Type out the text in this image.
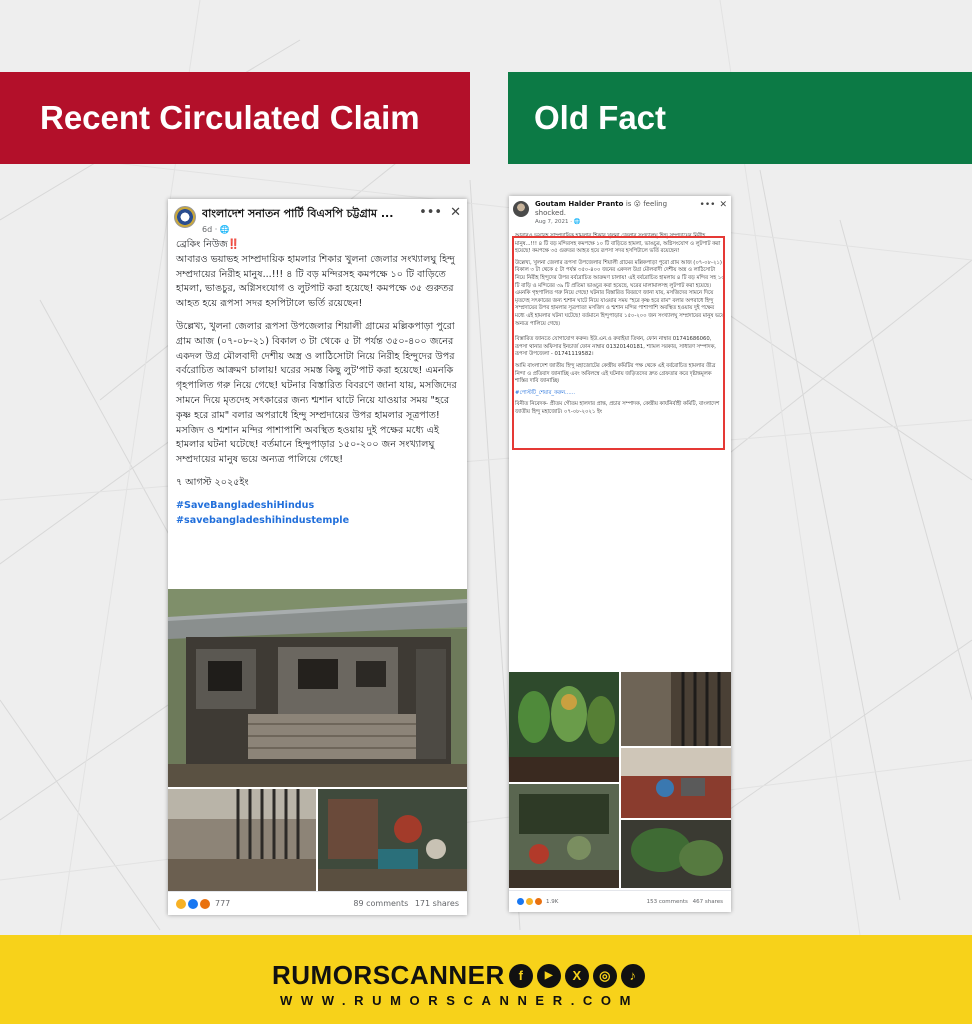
Recent Circulated Claim	Old Fact
বাংলাদেশ সনাতন পার্টি বিএসপি চট্টগ্রাম ...
6d · 🌐
••• ✕
ব্রেকিং নিউজ‼️

আবারও ভয়াভহ সাম্প্রদায়িক হামলার শিকার খুলনা জেলার সংখ্যালঘু হিন্দু সম্প্রদায়ের নিরীহ মানুষ...!!! ৪ টি বড় মন্দিরসহ কমপক্ষে ১০ টি বাড়িতে হামলা, ভাঙচুর, অগ্নিসংযোগ ও লুটপাট করা হয়েছে! কমপক্ষে ৩৫ গুরুতর আহত হয়ে রূপসা সদর হসপিটালে ভর্তি রয়েছেন!

উল্লেখ্য, খুলনা জেলার রূপসা উপজেলার শিয়ালী গ্রামের মল্লিকপাড়া পুরো গ্রাম আজ (০৭-০৮-২১) বিকাল ৩ টা থেকে ৫ টা পর্যন্ত ৩৫০-৪০০ জনের একদল উগ্র মৌলবাদী দেশীয় অস্ত্র ও লাঠিসোটা নিয়ে নিরীহ হিন্দুদের উপর বর্বরোচিত আক্রমণ চালায়! ঘরের সমস্ত কিছু লুট'পাট করা হয়েছে! এমনকি গৃহপালিত গরু নিয়ে গেছে! ঘটনার বিস্তারিত বিবরণে জানা যায়, মসজিদের সামনে দিয়ে মৃতদেহ সৎকারের জন্য শ্মশান ঘাটে নিয়ে যাওয়ার সময় "হরে কৃষ্ণ হরে রাম" বলার অপরাধে হিন্দু সম্প্রদায়ের উপর হামলার সূত্রপাত! মসজিদ ও শ্মশান মন্দির পাশাপাশি অবস্থিত হওয়ায় দুই পক্ষের মধ্যে এই হামলার ঘটনা ঘটেছে! বর্তমানে হিন্দুপাড়ার ১৫০-২০০ জন সংখ্যালঘু সম্প্রদায়ের মানুষ ভয়ে অন্যত্র পালিয়ে গেছে!

৭ আগস্ট ২০২৫ইং

#SaveBangladeshiHindus
#savebangladeshihindustemple
777	89 comments 171 shares
Goutam Halder Pranto is 😮 feeling shocked.
Aug 7, 2021 · 🌐
••• ✕

আবারও ভয়াবহ সাম্প্রদায়িক হামলার শিকার খুলনা জেলার সংখ্যালঘু হিন্দু সম্প্রদায়ের নিরীহ মানুষ...!!! ৪ টি বড় মন্দিরসহ কমপক্ষে ১০ টি বাড়িতে হামলা, ভাঙচুর, অগ্নিসংযোগ ও লুটপাট করা হয়েছে! কমপক্ষে ৩৫ গুরুতর আহত হয়ে রূপসা সদর হসপিটালে ভর্তি রয়েছেন!

উল্লেখ্য, খুলনা জেলার রূপসা উপজেলার শিয়ালী গ্রামের মল্লিকপাড়া পুরো গ্রাম আজ (০৭-০৮-২১) বিকাল ৩ টা থেকে ৫ টা পর্যন্ত ৩৫০-৪০০ জনের একদল উগ্র মৌলবাদী দেশীয় অস্ত্র ও লাঠিসোটা নিয়ে নিরীহ হিন্দুদের উপর বর্বরোচিত আক্রমণ চালায়! এই বর্বরোচিত হামলায় ৪ টি বড় মন্দির সহ ১০ টি বাড়ি ও মন্দিরের ৩৯ টি প্রতিমা ভাঙচুর করা হয়েছে, ঘরের মালামালসহ লুটপাট করা হয়েছে। এমনকি গৃহপালিত গরু নিয়ে গেছে! ঘটনার বিস্তারিত বিবরণে জানা যায়, মসজিদের সামনে দিয়ে মৃতদেহ সৎকারের জন্য শ্মশান ঘাটে নিয়ে যাওয়ার সময় "হরে কৃষ্ণ হরে রাম" বলার অপরাধে হিন্দু সম্প্রদায়ের উপর হামলার সূত্রপাত! মসজিদ ও শ্মশান মন্দির পাশাপাশি অবস্থিত হওয়ায় দুই পক্ষের মধ্যে এই হামলার ঘটনা ঘটেছে! বর্তমানে হিন্দুপাড়ার ১৫০-২০০ জন সংখ্যালঘু সম্প্রদায়ের মানুষ ভয়ে অন্যত্র পালিয়ে গেছে।

বিস্তারিত জানতে যোগাযোগ করুন। ইউ.এন.ও রুবাইয়া তিথন, ফোন নাম্বার 01741686060, রূপসা থানার অফিসার ইনচার্জ ফোন নাম্বার 01320140181, শ্যামল সরকার, সাধারণ সম্পাদক, রূপসা উপজেলা - 01741119582।

আমি বাংলাদেশ জাতীয় হিন্দু মহাজোটের কেন্দ্রীয় কমিটির পক্ষ থেকে এই বর্বরোচিত হামলার তীব্র নিন্দা ও প্রতিবাদ জানাচ্ছি এবং অবিলম্বে এই ঘটনায় জড়িতদের দ্রুত গ্রেফতার করে দৃষ্টান্তমূলক শাস্তির দাবি জানাচ্ছি।

#পোস্টটি_শেয়ার_করুন......

বিনীত নিবেদক- প্রীতম গৌতম হালদার প্রান্ত, প্রচার সম্পাদক, কেন্দ্রীয় কার্যনির্বাহী কমিটি, বাংলাদেশ জাতীয় হিন্দু মহাজোট। ০৭-০৮-২০২১ ইং

1.9K	153 comments 467 shares
RUMORSCANNER	f	▶	X	◎	♪
WWW.RUMORSCANNER.COM
